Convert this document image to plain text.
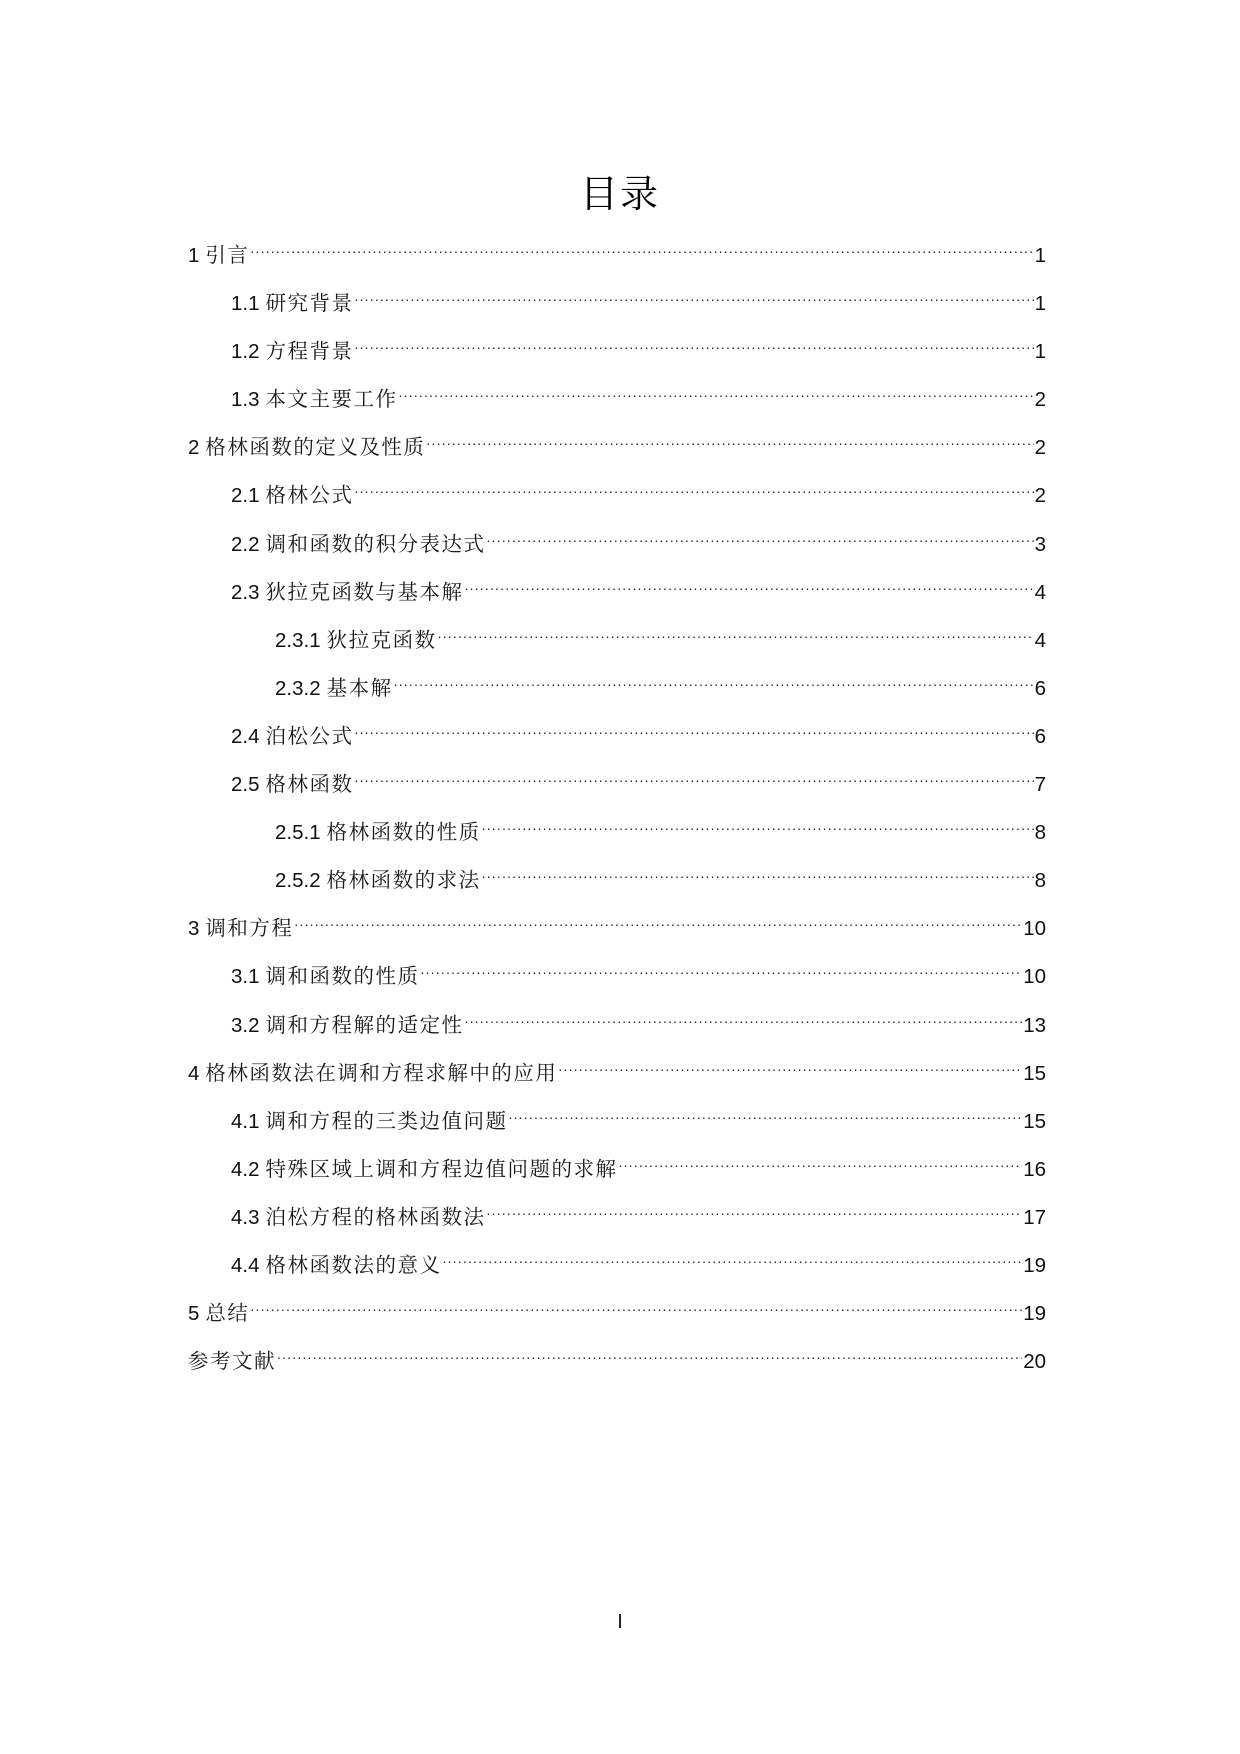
目录
1 引言 .....	1
1.1 研究背景 .....	1
1.2 方程背景 .....	1
1.3 本文主要工作 .....	2
2 格林函数的定义及性质 .....	2
2.1 格林公式 .....	2
2.2 调和函数的积分表达式 .....	3
2.3 狄拉克函数与基本解 .....	4
2.3.1 狄拉克函数 .....	4
2.3.2 基本解 .....	6
2.4 泊松公式 .....	6
2.5 格林函数 .....	7
2.5.1 格林函数的性质 .....	8
2.5.2 格林函数的求法 .....	8
3 调和方程 .....	10
3.1 调和函数的性质 .....	10
3.2 调和方程解的适定性 .....	13
4 格林函数法在调和方程求解中的应用 .....	15
4.1 调和方程的三类边值问题 .....	15
4.2 特殊区域上调和方程边值问题的求解 .....	16
4.3 泊松方程的格林函数法 .....	17
4.4 格林函数法的意义 .....	19
5 总结 .....	19
参考文献 .....	20
I
